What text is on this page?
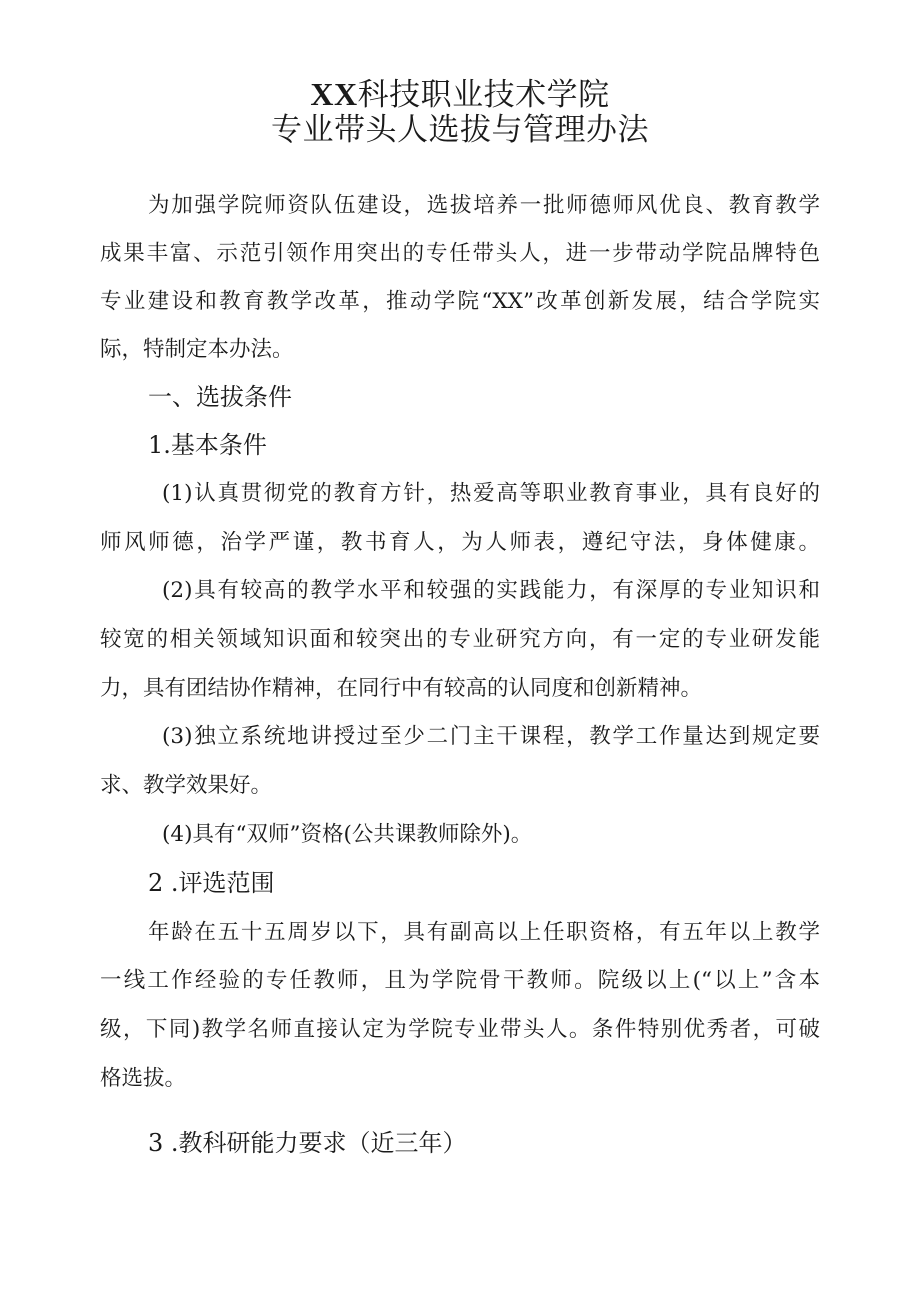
XX科技职业技术学院
专业带头人选拔与管理办法
为加强学院师资队伍建设，选拔培养一批师德师风优良、教育教学
成果丰富、示范引领作用突出的专任带头人，进一步带动学院品牌特色
专业建设和教育教学改革，推动学院“XX”改革创新发展，结合学院实
际，特制定本办法。
一、选拔条件
1.基本条件
(1)认真贯彻党的教育方针，热爱高等职业教育事业，具有良好的
师风师德，治学严谨，教书育人，为人师表，遵纪守法，身体健康。
(2)具有较高的教学水平和较强的实践能力，有深厚的专业知识和
较宽的相关领域知识面和较突出的专业研究方向，有一定的专业研发能
力，具有团结协作精神，在同行中有较高的认同度和创新精神。
(3)独立系统地讲授过至少二门主干课程，教学工作量达到规定要
求、教学效果好。
(4)具有“双师”资格(公共课教师除外)。
2 .评选范围
年龄在五十五周岁以下，具有副高以上任职资格，有五年以上教学
一线工作经验的专任教师，且为学院骨干教师。院级以上(“以上”含本
级，下同)教学名师直接认定为学院专业带头人。条件特别优秀者，可破
格选拔。
3 .教科研能力要求（近三年）
